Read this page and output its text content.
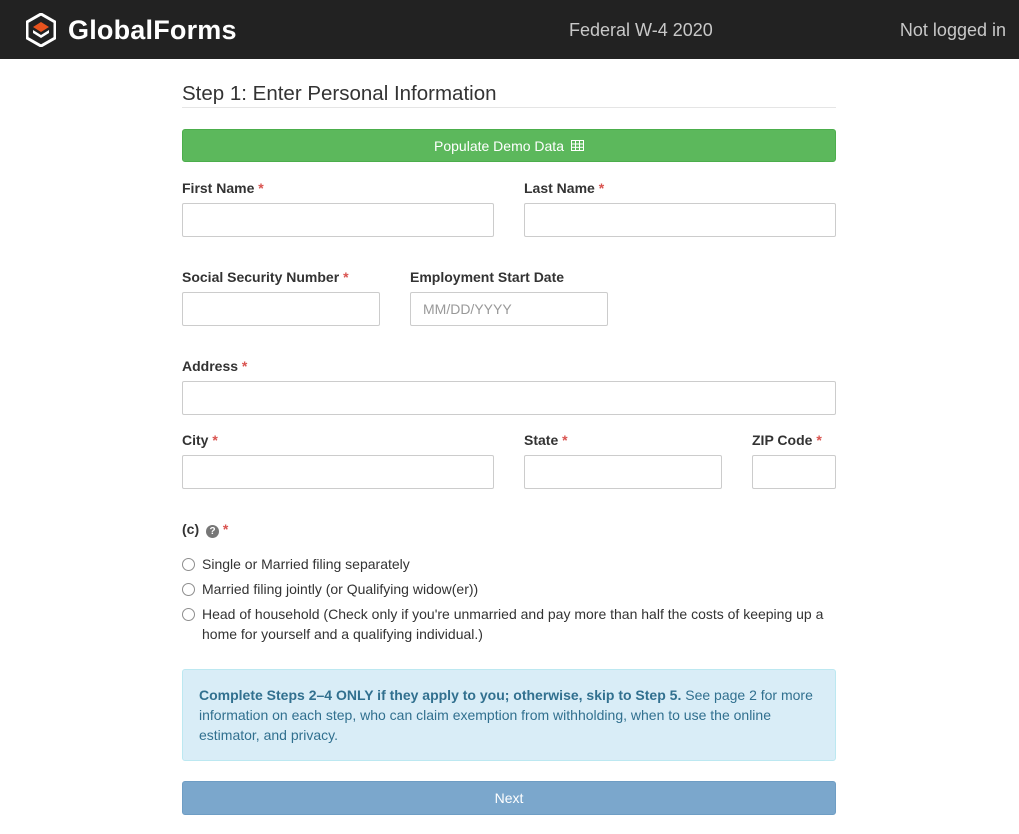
GlobalForms	Federal W-4 2020	Not logged in
Step 1: Enter Personal Information
Populate Demo Data
First Name *	Last Name *
Social Security Number *	Employment Start Date
MM/DD/YYYY
Address *
City *	State *	ZIP Code *
(c) ? *
Single or Married filing separately
Married filing jointly (or Qualifying widow(er))
Head of household (Check only if you're unmarried and pay more than half the costs of keeping up a home for yourself and a qualifying individual.)
Complete Steps 2–4 ONLY if they apply to you; otherwise, skip to Step 5. See page 2 for more information on each step, who can claim exemption from withholding, when to use the online estimator, and privacy.
Next
